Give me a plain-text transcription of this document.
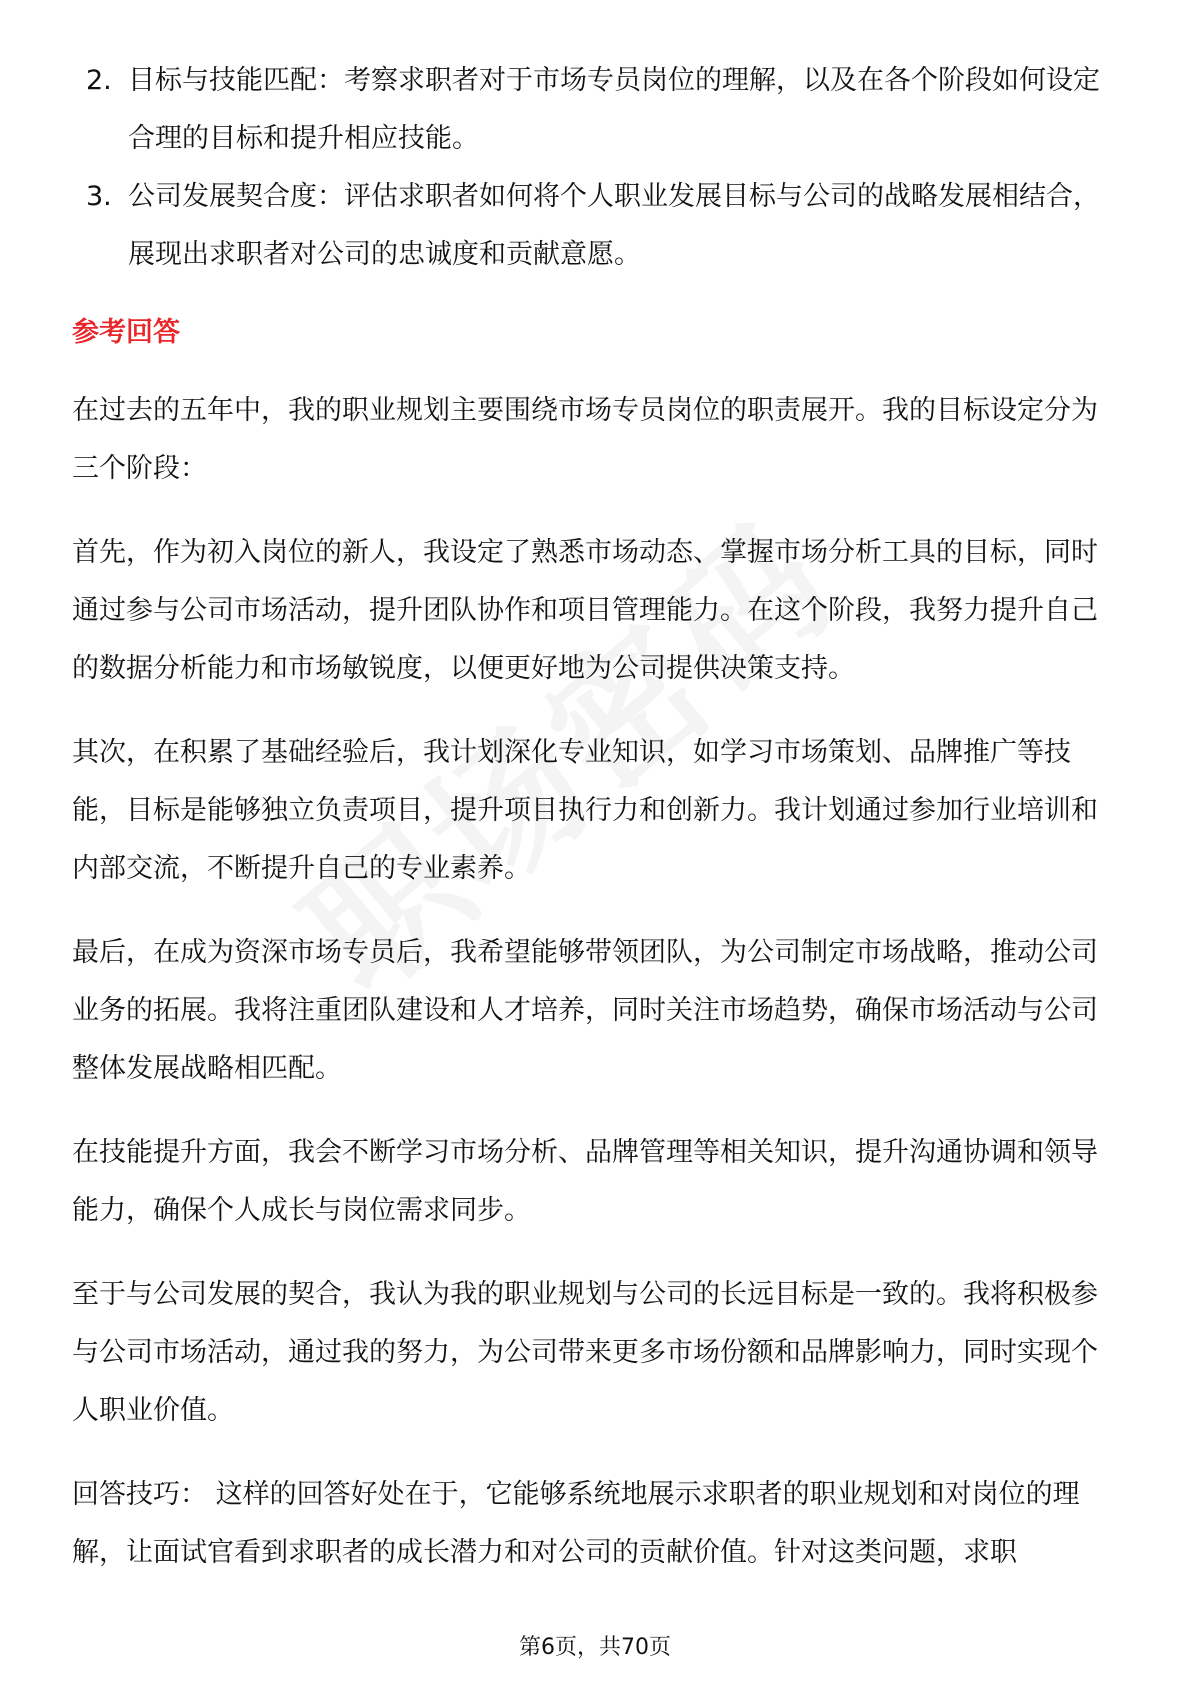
2. 目标与技能匹配：考察求职者对于市场专员岗位的理解，以及在各个阶段如何设定合理的目标和提升相应技能。
3. 公司发展契合度：评估求职者如何将个人职业发展目标与公司的战略发展相结合，展现出求职者对公司的忠诚度和贡献意愿。
参考回答

在过去的五年中，我的职业规划主要围绕市场专员岗位的职责展开。我的目标设定分为三个阶段：

首先，作为初入岗位的新人，我设定了熟悉市场动态、掌握市场分析工具的目标，同时通过参与公司市场活动，提升团队协作和项目管理能力。在这个阶段，我努力提升自己的数据分析能力和市场敏锐度，以便更好地为公司提供决策支持。

其次，在积累了基础经验后，我计划深化专业知识，如学习市场策划、品牌推广等技能，目标是能够独立负责项目，提升项目执行力和创新力。我计划通过参加行业培训和内部交流，不断提升自己的专业素养。

最后，在成为资深市场专员后，我希望能够带领团队，为公司制定市场战略，推动公司业务的拓展。我将注重团队建设和人才培养，同时关注市场趋势，确保市场活动与公司整体发展战略相匹配。

在技能提升方面，我会不断学习市场分析、品牌管理等相关知识，提升沟通协调和领导能力，确保个人成长与岗位需求同步。

至于与公司发展的契合，我认为我的职业规划与公司的长远目标是一致的。我将积极参与公司市场活动，通过我的努力，为公司带来更多市场份额和品牌影响力，同时实现个人职业价值。

回答技巧： 这样的回答好处在于，它能够系统地展示求职者的职业规划和对岗位的理解，让面试官看到求职者的成长潜力和对公司的贡献价值。针对这类问题，求职

第6页，共70页
